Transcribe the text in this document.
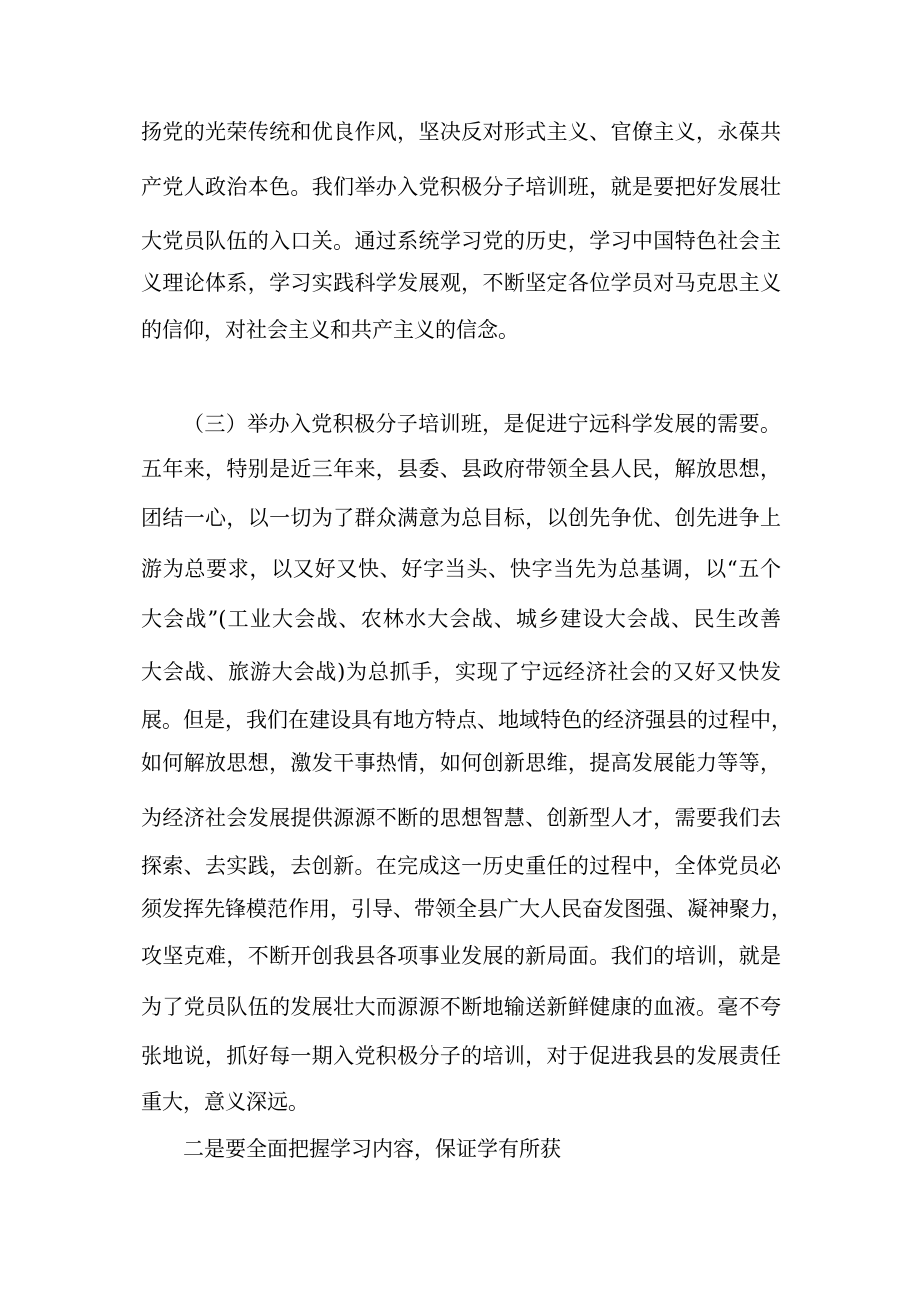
扬党的光荣传统和优良作风，坚决反对形式主义、官僚主义，永葆共
产党人政治本色。我们举办入党积极分子培训班，就是要把好发展壮
大党员队伍的入口关。通过系统学习党的历史，学习中国特色社会主
义理论体系，学习实践科学发展观，不断坚定各位学员对马克思主义
的信仰，对社会主义和共产主义的信念。
（三）举办入党积极分子培训班，是促进宁远科学发展的需要。
五年来，特别是近三年来，县委、县政府带领全县人民，解放思想，
团结一心，以一切为了群众满意为总目标，以创先争优、创先进争上
游为总要求，以又好又快、好字当头、快字当先为总基调，以“五个
大会战”(工业大会战、农林水大会战、城乡建设大会战、民生改善
大会战、旅游大会战)为总抓手，实现了宁远经济社会的又好又快发
展。但是，我们在建设具有地方特点、地域特色的经济强县的过程中，
如何解放思想，激发干事热情，如何创新思维，提高发展能力等等，
为经济社会发展提供源源不断的思想智慧、创新型人才，需要我们去
探索、去实践，去创新。在完成这一历史重任的过程中，全体党员必
须发挥先锋模范作用，引导、带领全县广大人民奋发图强、凝神聚力，
攻坚克难，不断开创我县各项事业发展的新局面。我们的培训，就是
为了党员队伍的发展壮大而源源不断地输送新鲜健康的血液。毫不夸
张地说，抓好每一期入党积极分子的培训，对于促进我县的发展责任
重大，意义深远。
二是要全面把握学习内容，保证学有所获
